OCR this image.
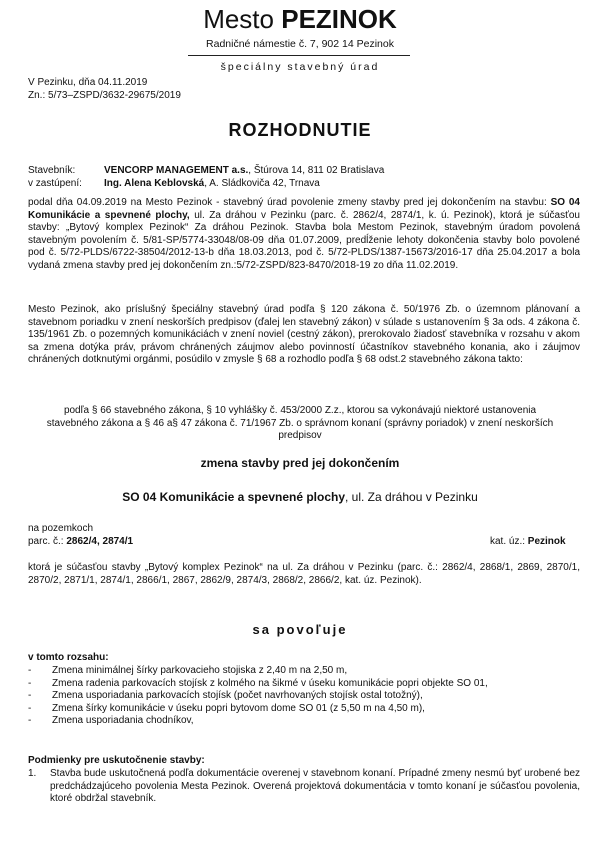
Mesto PEZINOK
Radničné námestie č. 7, 902 14 Pezinok
špeciálny stavebný úrad
V Pezinku, dňa 04.11.2019
Zn.: 5/73–ZSPD/3632-29675/2019
ROZHODNUTIE
Stavebník:	VENCORP MANAGEMENT a.s., Štúrova 14, 811 02 Bratislava
v zastúpení: Ing. Alena Keblovská, A. Sládkoviča 42, Trnava
podal dňa 04.09.2019 na Mesto Pezinok - stavebný úrad povolenie zmeny stavby pred jej dokončením na stavbu: SO 04 Komunikácie a spevnené plochy, ul. Za dráhou v Pezinku (parc. č. 2862/4, 2874/1, k. ú. Pezinok), ktorá je súčasťou stavby: „Bytový komplex Pezinok“ Za dráhou Pezinok. Stavba bola Mestom Pezinok, stavebným úradom povolená stavebným povolením č. 5/81-SP/5774-33048/08-09 dňa 01.07.2009, predĺženie lehoty dokončenia stavby bolo povolené pod č. 5/72-PLDS/6722-38504/2012-13-b dňa 18.03.2013, pod č. 5/72-PLDS/1387-15673/2016-17 dňa 25.04.2017 a bola vydaná zmena stavby pred jej dokončením zn.:5/72-ZSPD/823-8470/2018-19 zo dňa 11.02.2019.
Mesto Pezinok, ako príslušný špeciálny stavebný úrad podľa § 120 zákona č. 50/1976 Zb. o územnom plánovaní a stavebnom poriadku v znení neskorších predpisov (ďalej len stavebný zákon) v súlade s ustanovením § 3a ods. 4 zákona č. 135/1961 Zb. o pozemných komunikáciách v znení noviel (cestný zákon), prerokovalo žiadosť stavebníka v rozsahu v akom sa zmena dotýka práv, právom chránených záujmov alebo povinností účastníkov stavebného konania, ako i záujmov chránených dotknutými orgánmi, posúdilo v zmysle § 68 a rozhodlo podľa § 68 odst.2 stavebného zákona takto:
podľa § 66 stavebného zákona, § 10 vyhlášky č. 453/2000 Z.z., ktorou sa vykonávajú niektoré ustanovenia stavebného zákona a § 46 a§ 47 zákona č. 71/1967 Zb. o správnom konaní (správny poriadok) v znení neskorších predpisov
zmena stavby pred jej dokončením
SO 04 Komunikácie a spevnené plochy, ul. Za dráhou v Pezinku
na pozemkoch
parc. č.: 2862/4, 2874/1	kat. úz.: Pezinok
ktorá je súčasťou stavby „Bytový komplex Pezinok“ na ul. Za dráhou v Pezinku (parc. č.: 2862/4, 2868/1, 2869, 2870/1, 2870/2, 2871/1, 2874/1, 2866/1, 2867, 2862/9, 2874/3, 2868/2, 2866/2, kat. úz. Pezinok).
sa povoľuje
v tomto rozsahu:
-	Zmena minimálnej šírky parkovacieho stojiska z 2,40 m na 2,50 m,
-	Zmena radenia parkovacích stojísk z kolmého na šikmé v úseku komunikácie popri objekte SO 01,
-	Zmena usporiadania parkovacích stojísk (počet navrhovaných stojísk ostal totožný),
-	Zmena šírky komunikácie v úseku popri bytovom dome SO 01 (z 5,50 m na 4,50 m),
-	Zmena usporiadania chodníkov,
Podmienky pre uskutočnenie stavby:
1.	Stavba bude uskutočnená podľa dokumentácie overenej v stavebnom konaní. Prípadné zmeny nesmú byť urobené bez predchádzajúceho povolenia Mesta Pezinok. Overená projektová dokumentácia v tomto konaní je súčasťou povolenia, ktoré obdržal stavebník.
